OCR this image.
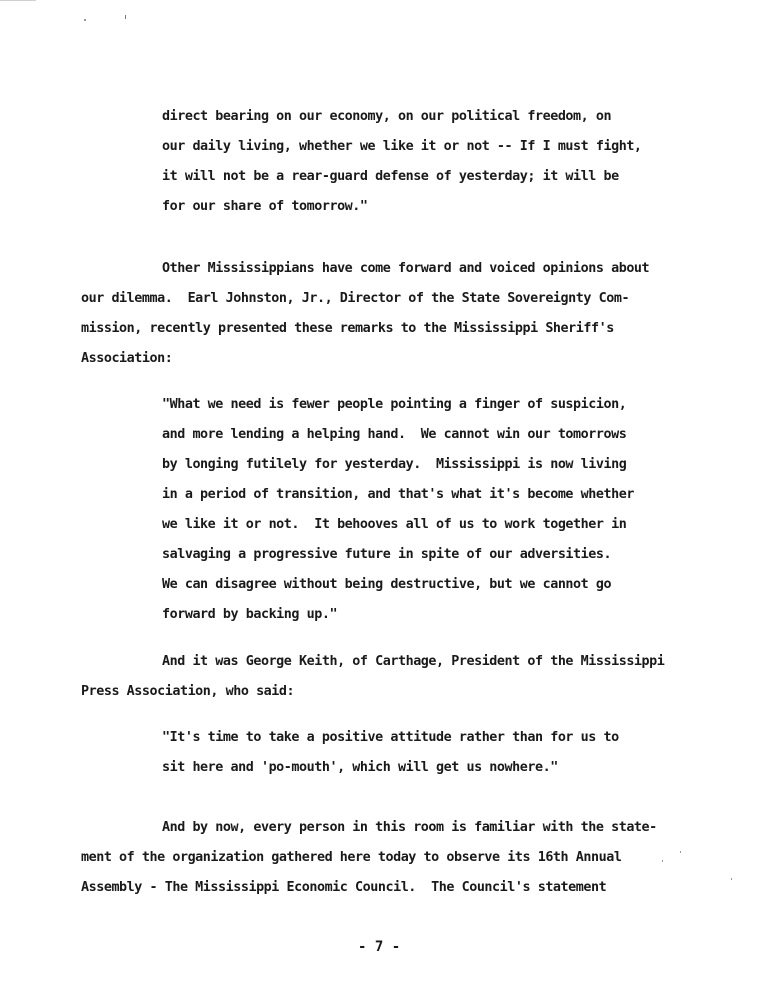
direct bearing on our economy, on our political freedom, on
our daily living, whether we like it or not -- If I must fight,
it will not be a rear-guard defense of yesterday; it will be
for our share of tomorrow."
Other Mississippians have come forward and voiced opinions about
our dilemma.  Earl Johnston, Jr., Director of the State Sovereignty Com-
mission, recently presented these remarks to the Mississippi Sheriff's
Association:
"What we need is fewer people pointing a finger of suspicion,
and more lending a helping hand.  We cannot win our tomorrows
by longing futilely for yesterday.  Mississippi is now living
in a period of transition, and that's what it's become whether
we like it or not.  It behooves all of us to work together in
salvaging a progressive future in spite of our adversities.
We can disagree without being destructive, but we cannot go
forward by backing up."
And it was George Keith, of Carthage, President of the Mississippi
Press Association, who said:
"It's time to take a positive attitude rather than for us to
sit here and 'po-mouth', which will get us nowhere."
And by now, every person in this room is familiar with the state-
ment of the organization gathered here today to observe its 16th Annual
Assembly - The Mississippi Economic Council.  The Council's statement
- 7 -
